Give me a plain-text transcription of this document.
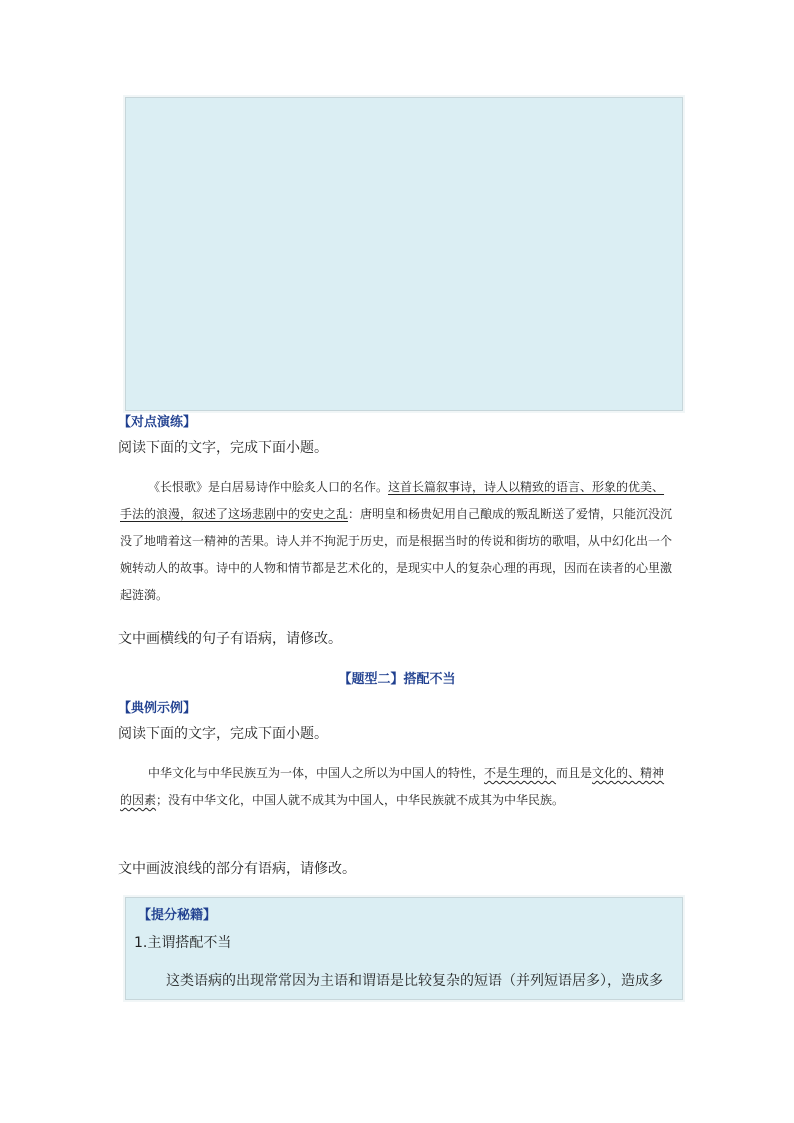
【对点演练】
阅读下面的文字，完成下面小题。
《长恨歌》是白居易诗作中脍炙人口的名作。这首长篇叙事诗，诗人以精致的语言、形象的优美、手法的浪漫，叙述了这场悲剧中的安史之乱：唐明皇和杨贵妃用自己酿成的叛乱断送了爱情，只能沉没沉没了地啃着这一精神的苦果。诗人并不拘泥于历史，而是根据当时的传说和街坊的歌唱，从中幻化出一个婉转动人的故事。诗中的人物和情节都是艺术化的，是现实中人的复杂心理的再现，因而在读者的心里激起涟漪。
文中画横线的句子有语病，请修改。
【题型二】搭配不当
【典例示例】
阅读下面的文字，完成下面小题。
中华文化与中华民族互为一体，中国人之所以为中国人的特性，不是生理的，而且是文化的、精神的因素；没有中华文化，中国人就不成其为中国人，中华民族就不成其为中华民族。
文中画波浪线的部分有语病，请修改。
【提分秘籍】
1.主谓搭配不当
这类语病的出现常常因为主语和谓语是比较复杂的短语（并列短语居多），造成多
